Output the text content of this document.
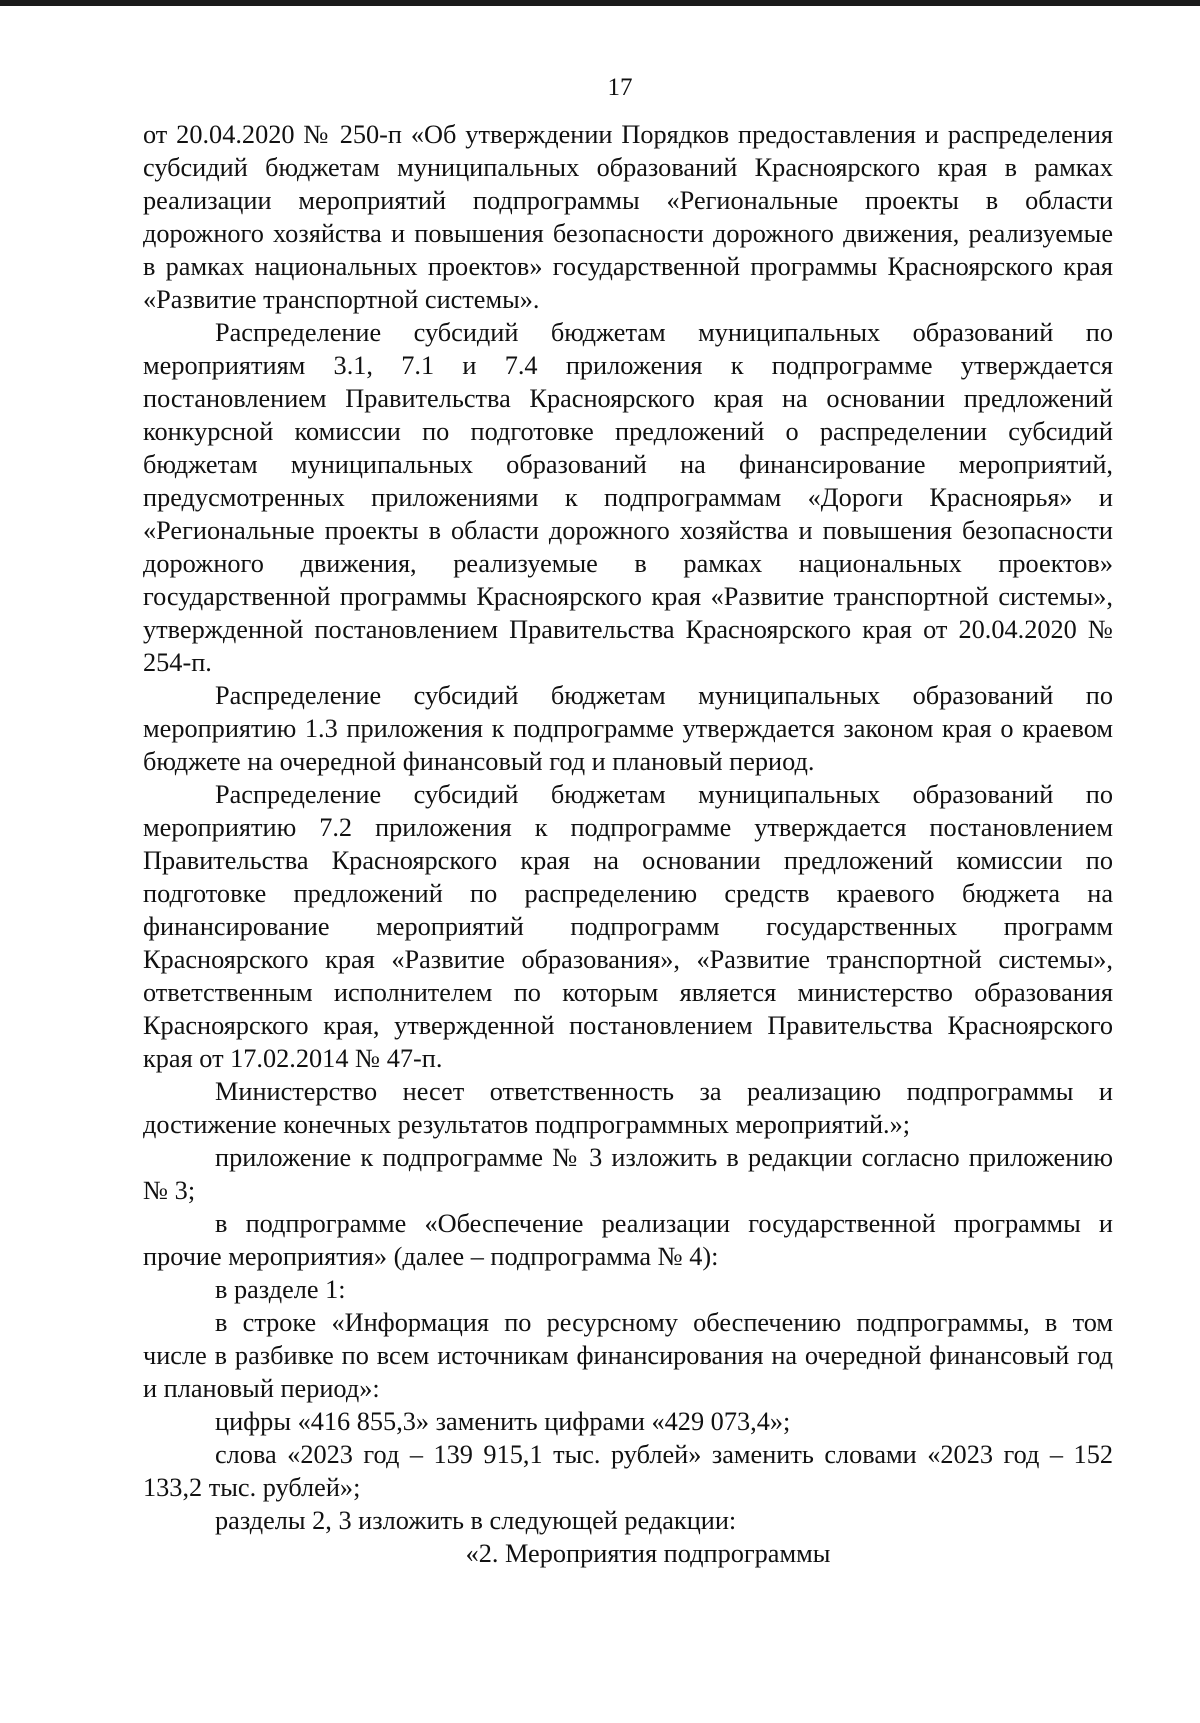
17

от 20.04.2020 № 250-п «Об утверждении Порядков предоставления и распределения субсидий бюджетам муниципальных образований Красноярского края в рамках реализации мероприятий подпрограммы «Региональные проекты в области дорожного хозяйства и повышения безопасности дорожного движения, реализуемые в рамках национальных проектов» государственной программы Красноярского края «Развитие транспортной системы».

Распределение субсидий бюджетам муниципальных образований по мероприятиям 3.1, 7.1 и 7.4 приложения к подпрограмме утверждается постановлением Правительства Красноярского края на основании предложений конкурсной комиссии по подготовке предложений о распределении субсидий бюджетам муниципальных образований на финансирование мероприятий, предусмотренных приложениями к подпрограммам «Дороги Красноярья» и «Региональные проекты в области дорожного хозяйства и повышения безопасности дорожного движения, реализуемые в рамках национальных проектов» государственной программы Красноярского края «Развитие транспортной системы», утвержденной постановлением Правительства Красноярского края от 20.04.2020 № 254-п.

Распределение субсидий бюджетам муниципальных образований по мероприятию 1.3 приложения к подпрограмме утверждается законом края о краевом бюджете на очередной финансовый год и плановый период.

Распределение субсидий бюджетам муниципальных образований по мероприятию 7.2 приложения к подпрограмме утверждается постановлением Правительства Красноярского края на основании предложений комиссии по подготовке предложений по распределению средств краевого бюджета на финансирование мероприятий подпрограмм государственных программ Красноярского края «Развитие образования», «Развитие транспортной системы», ответственным исполнителем по которым является министерство образования Красноярского края, утвержденной постановлением Правительства Красноярского края от 17.02.2014 № 47-п.

Министерство несет ответственность за реализацию подпрограммы и достижение конечных результатов подпрограммных мероприятий.»;

приложение к подпрограмме № 3 изложить в редакции согласно приложению № 3;

в подпрограмме «Обеспечение реализации государственной программы и прочие мероприятия» (далее – подпрограмма № 4):

в разделе 1:

в строке «Информация по ресурсному обеспечению подпрограммы, в том числе в разбивке по всем источникам финансирования на очередной финансовый год и плановый период»:

цифры «416 855,3» заменить цифрами «429 073,4»;

слова «2023 год – 139 915,1 тыс. рублей» заменить словами «2023 год – 152 133,2 тыс. рублей»;

разделы 2, 3 изложить в следующей редакции:

«2. Мероприятия подпрограммы
